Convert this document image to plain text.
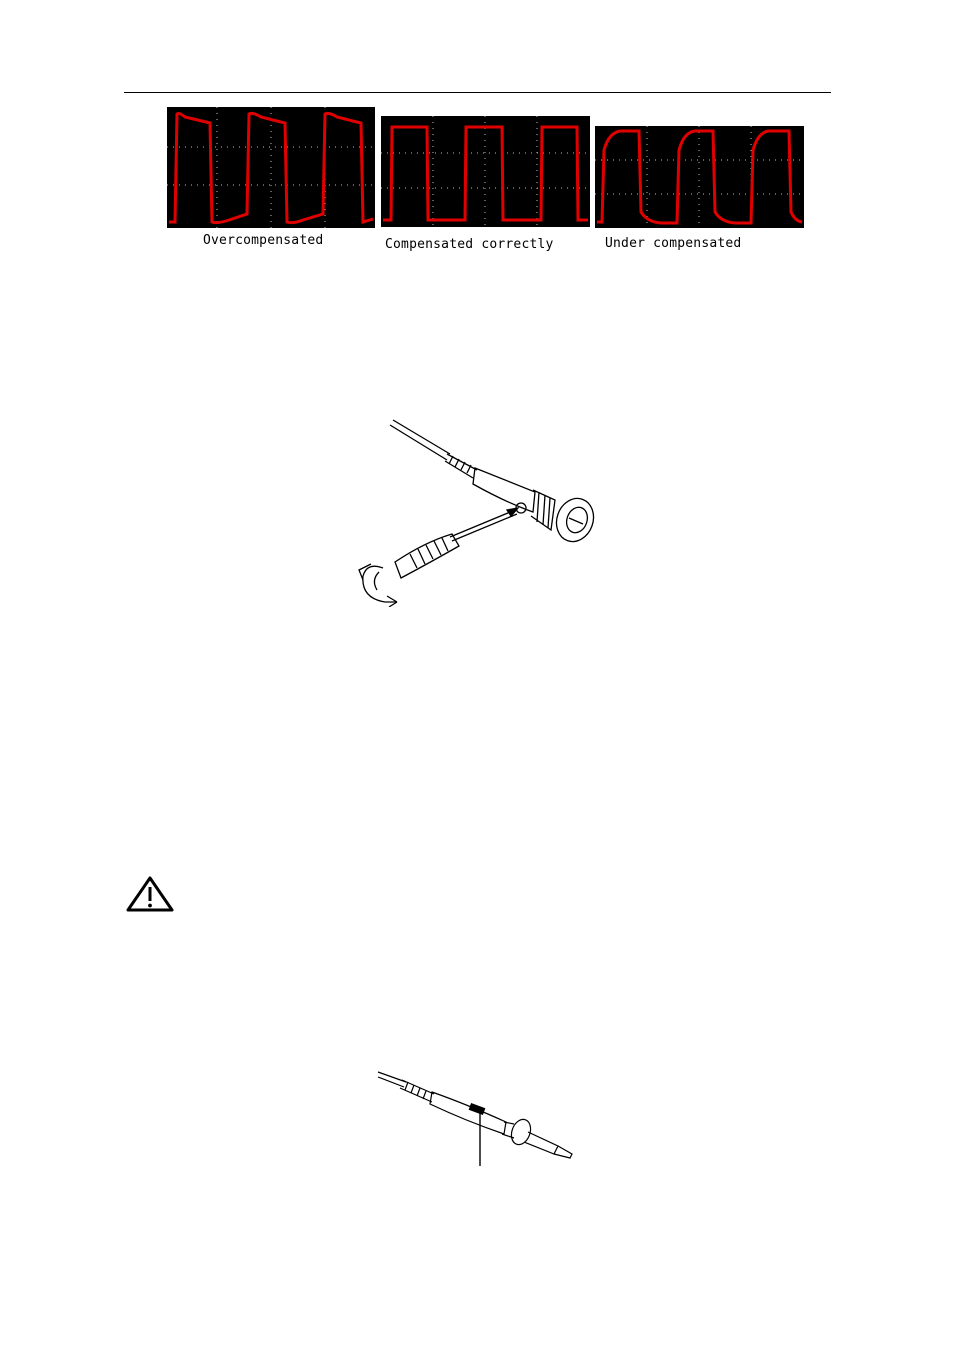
Overcompensated	Compensated correctly	Under compensated
